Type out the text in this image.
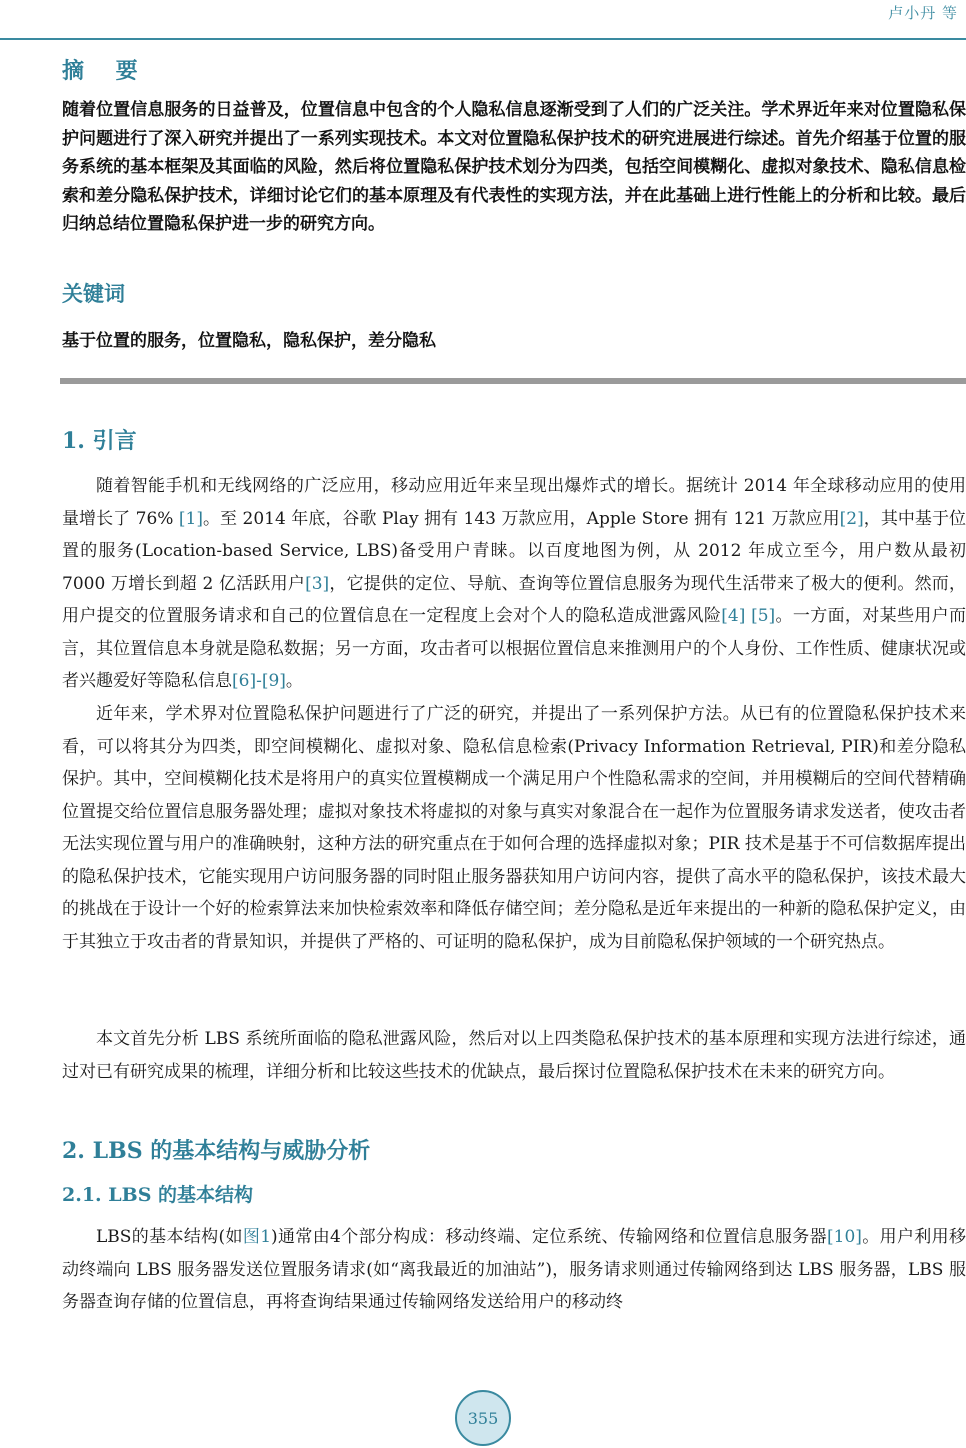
卢小丹 等
摘 要
随着位置信息服务的日益普及，位置信息中包含的个人隐私信息逐渐受到了人们的广泛关注。学术界近年来对位置隐私保护问题进行了深入研究并提出了一系列实现技术。本文对位置隐私保护技术的研究进展进行综述。首先介绍基于位置的服务系统的基本框架及其面临的风险，然后将位置隐私保护技术划分为四类，包括空间模糊化、虚拟对象技术、隐私信息检索和差分隐私保护技术，详细讨论它们的基本原理及有代表性的实现方法，并在此基础上进行性能上的分析和比较。最后归纳总结位置隐私保护进一步的研究方向。
关键词
基于位置的服务，位置隐私，隐私保护，差分隐私
1. 引言

随着智能手机和无线网络的广泛应用，移动应用近年来呈现出爆炸式的增长。据统计 2014 年全球移动应用的使用量增长了 76% [1]。至 2014 年底，谷歌 Play 拥有 143 万款应用，Apple Store 拥有 121 万款应用[2]，其中基于位置的服务(Location-based Service, LBS)备受用户青睐。以百度地图为例，从 2012 年成立至今，用户数从最初 7000 万增长到超 2 亿活跃用户[3]，它提供的定位、导航、查询等位置信息服务为现代生活带来了极大的便利。然而，用户提交的位置服务请求和自己的位置信息在一定程度上会对个人的隐私造成泄露风险[4] [5]。一方面，对某些用户而言，其位置信息本身就是隐私数据；另一方面，攻击者可以根据位置信息来推测用户的个人身份、工作性质、健康状况或者兴趣爱好等隐私信息[6]-[9]。

近年来，学术界对位置隐私保护问题进行了广泛的研究，并提出了一系列保护方法。从已有的位置隐私保护技术来看，可以将其分为四类，即空间模糊化、虚拟对象、隐私信息检索(Privacy Information Retrieval, PIR)和差分隐私保护。其中，空间模糊化技术是将用户的真实位置模糊成一个满足用户个性隐私需求的空间，并用模糊后的空间代替精确位置提交给位置信息服务器处理；虚拟对象技术将虚拟的对象与真实对象混合在一起作为位置服务请求发送者，使攻击者无法实现位置与用户的准确映射，这种方法的研究重点在于如何合理的选择虚拟对象；PIR 技术是基于不可信数据库提出的隐私保护技术，它能实现用户访问服务器的同时阻止服务器获知用户访问内容，提供了高水平的隐私保护，该技术最大的挑战在于设计一个好的检索算法来加快检索效率和降低存储空间；差分隐私是近年来提出的一种新的隐私保护定义，由于其独立于攻击者的背景知识，并提供了严格的、可证明的隐私保护，成为目前隐私保护领域的一个研究热点。

本文首先分析 LBS 系统所面临的隐私泄露风险，然后对以上四类隐私保护技术的基本原理和实现方法进行综述，通过对已有研究成果的梳理，详细分析和比较这些技术的优缺点，最后探讨位置隐私保护技术在未来的研究方向。

2. LBS 的基本结构与威胁分析
2.1. LBS 的基本结构

LBS的基本结构(如图1)通常由4个部分构成：移动终端、定位系统、传输网络和位置信息服务器[10]。用户利用移动终端向 LBS 服务器发送位置服务请求(如“离我最近的加油站”)，服务请求则通过传输网络到达 LBS 服务器，LBS 服务器查询存储的位置信息，再将查询结果通过传输网络发送给用户的移动终

355
